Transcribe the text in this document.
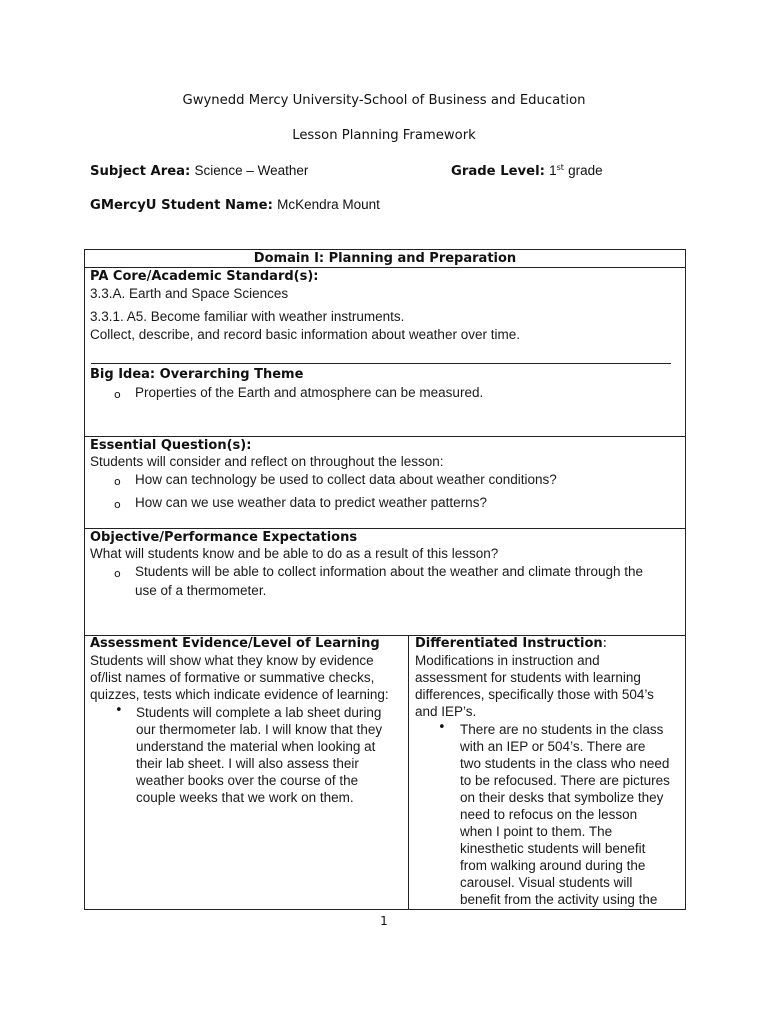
Gwynedd Mercy University-School of Business and Education
Lesson Planning Framework
Subject Area: Science – Weather	Grade Level: 1st grade
GMercyU Student Name: McKendra Mount
Domain I: Planning and Preparation
PA Core/Academic Standard(s):
3.3.A. Earth and Space Sciences
3.3.1. A5. Become familiar with weather instruments.
Collect, describe, and record basic information about weather over time.
Big Idea: Overarching Theme
o Properties of the Earth and atmosphere can be measured.
Essential Question(s):
Students will consider and reflect on throughout the lesson:
o How can technology be used to collect data about weather conditions?
o How can we use weather data to predict weather patterns?
Objective/Performance Expectations
What will students know and be able to do as a result of this lesson?
o Students will be able to collect information about the weather and climate through the
use of a thermometer.
Assessment Evidence/Level of Learning
Students will show what they know by evidence
of/list names of formative or summative checks,
quizzes, tests which indicate evidence of learning:
• Students will complete a lab sheet during
our thermometer lab. I will know that they
understand the material when looking at
their lab sheet. I will also assess their
weather books over the course of the
couple weeks that we work on them.
Differentiated Instruction:
Modifications in instruction and
assessment for students with learning
differences, specifically those with 504’s
and IEP’s.
• There are no students in the class
with an IEP or 504’s. There are
two students in the class who need
to be refocused. There are pictures
on their desks that symbolize they
need to refocus on the lesson
when I point to them. The
kinesthetic students will benefit
from walking around during the
carousel. Visual students will
benefit from the activity using the
1
